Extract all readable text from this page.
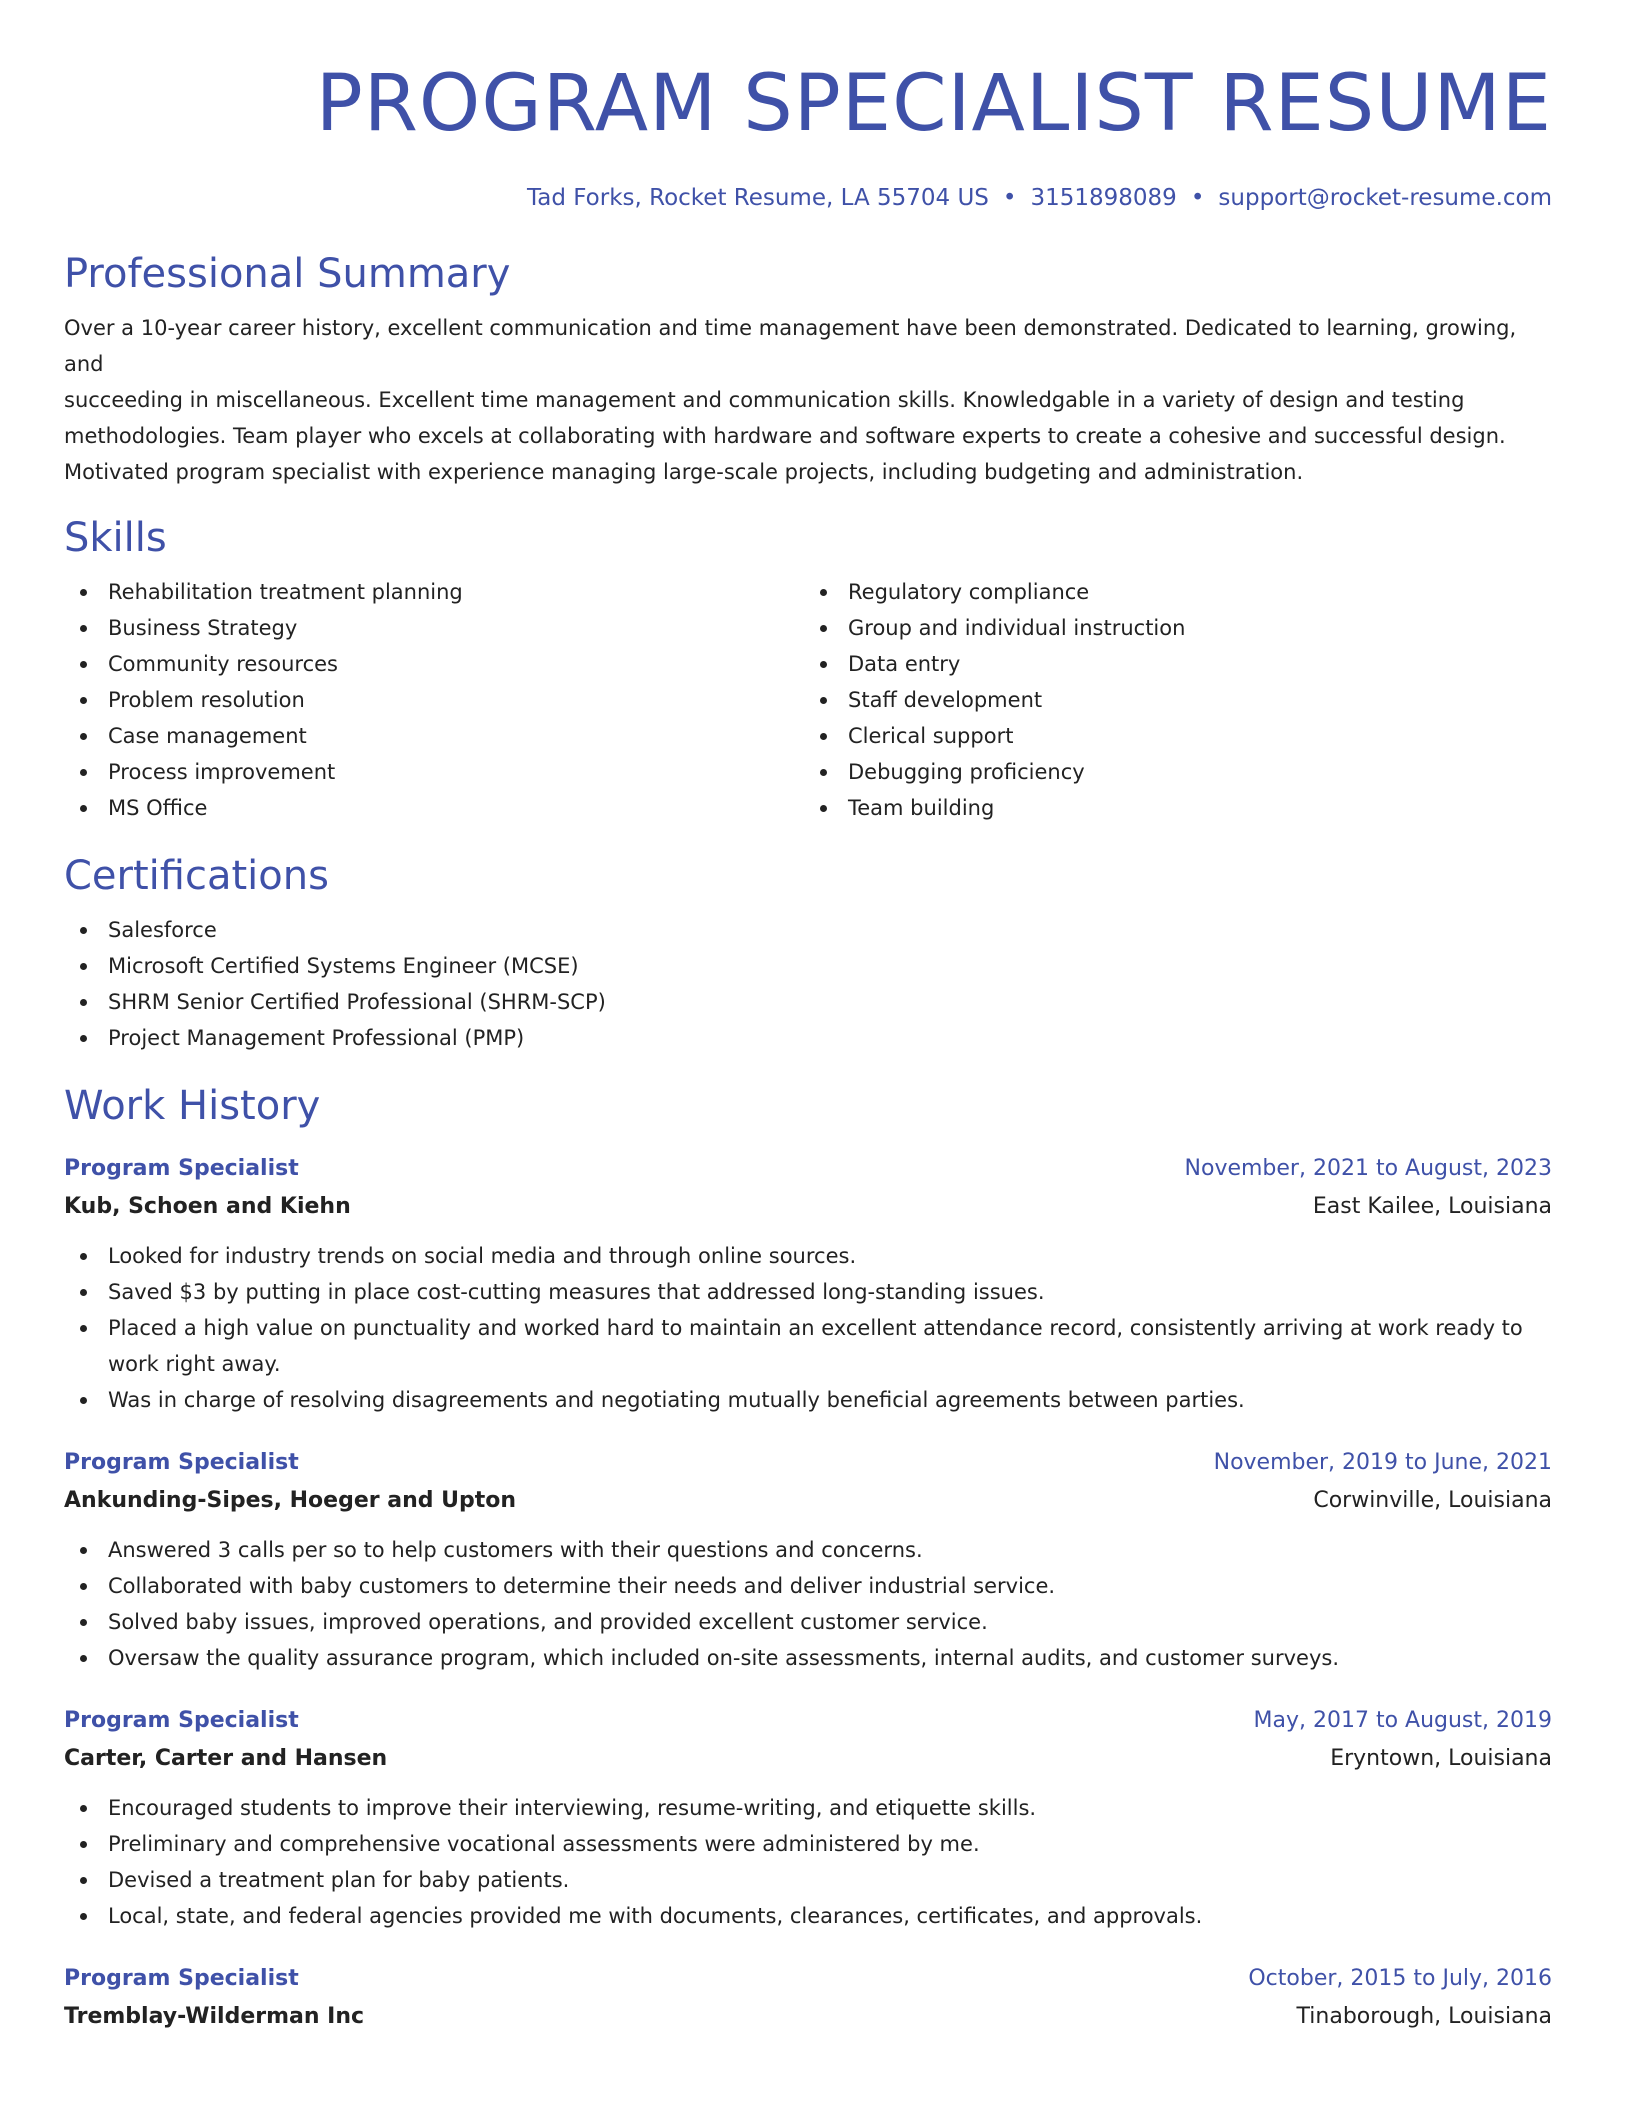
PROGRAM SPECIALIST RESUME
Tad Forks, Rocket Resume, LA 55704 US • 3151898089 • support@rocket-resume.com
Professional Summary
Over a 10-year career history, excellent communication and time management have been demonstrated. Dedicated to learning, growing, and
succeeding in miscellaneous. Excellent time management and communication skills. Knowledgable in a variety of design and testing
methodologies. Team player who excels at collaborating with hardware and software experts to create a cohesive and successful design.
Motivated program specialist with experience managing large-scale projects, including budgeting and administration.
Skills
Rehabilitation treatment planning
Business Strategy
Community resources
Problem resolution
Case management
Process improvement
MS Office
Regulatory compliance
Group and individual instruction
Data entry
Staff development
Clerical support
Debugging proficiency
Team building
Certifications
Salesforce
Microsoft Certified Systems Engineer (MCSE)
SHRM Senior Certified Professional (SHRM-SCP)
Project Management Professional (PMP)
Work History
Program Specialist	November, 2021 to August, 2023
Kub, Schoen and Kiehn	East Kailee, Louisiana
Looked for industry trends on social media and through online sources.
Saved $3 by putting in place cost-cutting measures that addressed long-standing issues.
Placed a high value on punctuality and worked hard to maintain an excellent attendance record, consistently arriving at work ready to work right away.
Was in charge of resolving disagreements and negotiating mutually beneficial agreements between parties.
Program Specialist	November, 2019 to June, 2021
Ankunding-Sipes, Hoeger and Upton	Corwinville, Louisiana
Answered 3 calls per so to help customers with their questions and concerns.
Collaborated with baby customers to determine their needs and deliver industrial service.
Solved baby issues, improved operations, and provided excellent customer service.
Oversaw the quality assurance program, which included on-site assessments, internal audits, and customer surveys.
Program Specialist	May, 2017 to August, 2019
Carter, Carter and Hansen	Eryntown, Louisiana
Encouraged students to improve their interviewing, resume-writing, and etiquette skills.
Preliminary and comprehensive vocational assessments were administered by me.
Devised a treatment plan for baby patients.
Local, state, and federal agencies provided me with documents, clearances, certificates, and approvals.
Program Specialist	October, 2015 to July, 2016
Tremblay-Wilderman Inc	Tinaborough, Louisiana
